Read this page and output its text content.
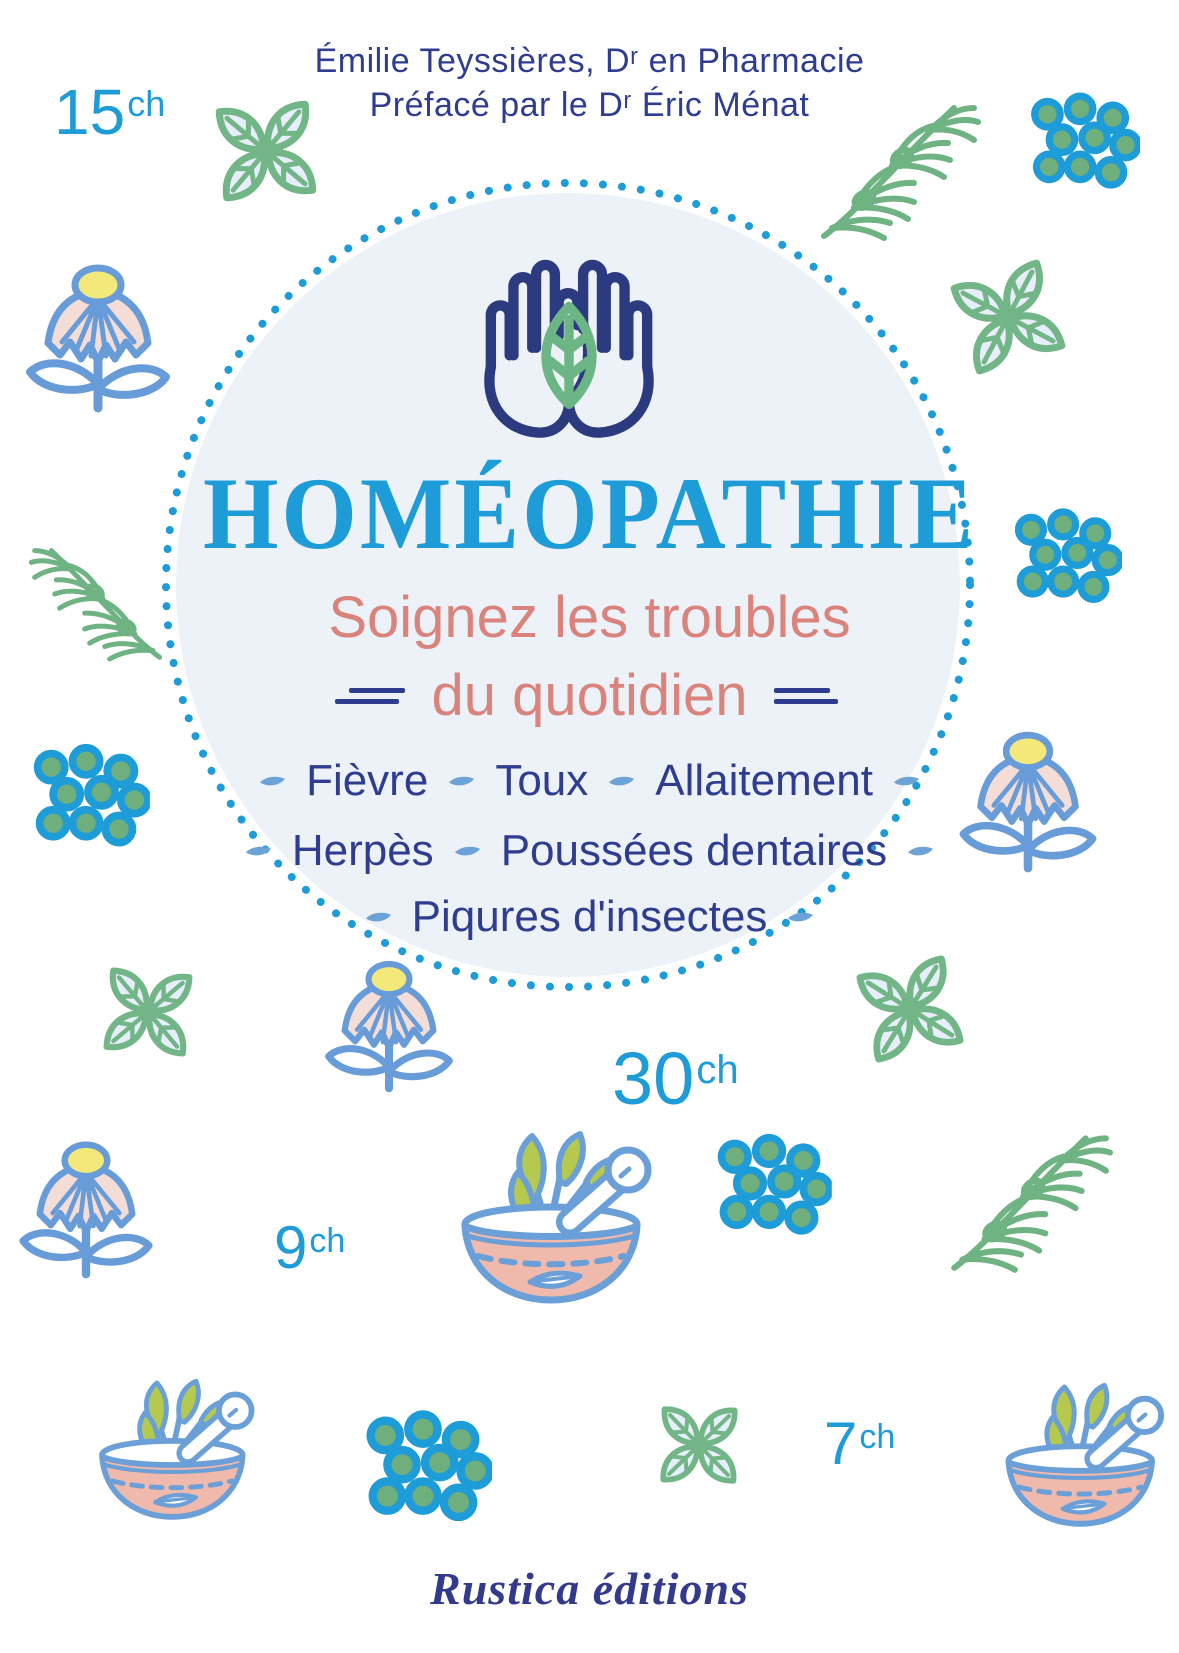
Émilie Teyssières, Dʳ en Pharmacie
Préfacé par le Dʳ Éric Ménat
HOMÉOPATHIE
Soignez les troubles
du quotidien
Fièvre Toux Allaitement
Herpès Poussées dentaires
Piqures d'insectes
15 ch
30 ch
9 ch
7 ch
Rustica éditions
